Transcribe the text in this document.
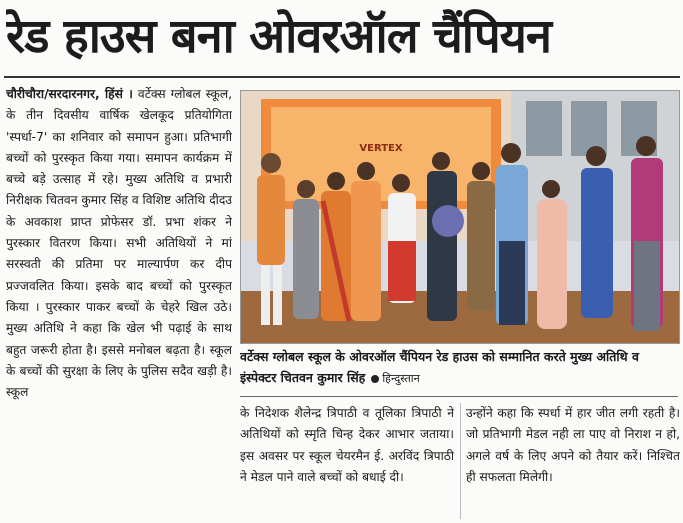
रेड हाउस बना ओवरऑल चैंपियन
चौरीचौरा/सरदारनगर, हिंसं । वर्टेक्स ग्लोबल स्कूल, के तीन दिवसीय वार्षिक खेलकूद प्रतियोगिता 'स्पर्धा-7' का शनिवार को समापन हुआ। प्रतिभागी बच्चों को पुरस्कृत किया गया। समापन कार्यक्रम में बच्चे बड़े उत्साह में रहे। मुख्य अतिथि व प्रभारी निरीक्षक चितवन कुमार सिंह व विशिष्ट अतिथि दीदउ के अवकाश प्राप्त प्रोफेसर डॉ. प्रभा शंकर ने पुरस्कार वितरण किया। सभी अतिथियों ने मां सरस्वती की प्रतिमा पर माल्यार्पण कर दीप प्रज्जवलित किया। इसके बाद बच्चों को पुरस्कृत किया । पुरस्कार पाकर बच्चों के चेहरे खिल उठे। मुख्य अतिथि ने कहा कि खेल भी पढ़ाई के साथ बहुत जरूरी होता है। इससे मनोबल बढ़ता है। स्कूल के बच्चों की सुरक्षा के लिए के पुलिस सदैव खड़ी है। स्कूल
VERTEX
वर्टेक्स ग्लोबल स्कूल के ओवरऑल चैंपियन रेड हाउस को सम्मानित करते मुख्य अतिथि व इंस्पेक्टर चितवन कुमार सिंह हिन्दुस्तान
के निदेशक शैलेन्द्र त्रिपाठी व तूलिका त्रिपाठी ने अतिथियों को स्मृति चिन्ह देकर आभार जताया। इस अवसर पर स्कूल चेयरमैन ई. अरविंद त्रिपाठी ने मेडल पाने वाले बच्चों को बधाई दी।
उन्होंने कहा कि स्पर्धा में हार जीत लगी रहती है। जो प्रतिभागी मेडल नही ला पाए वो निराश न हो, अगले वर्ष के लिए अपने को तैयार करें। निश्चित ही सफलता मिलेगी।
